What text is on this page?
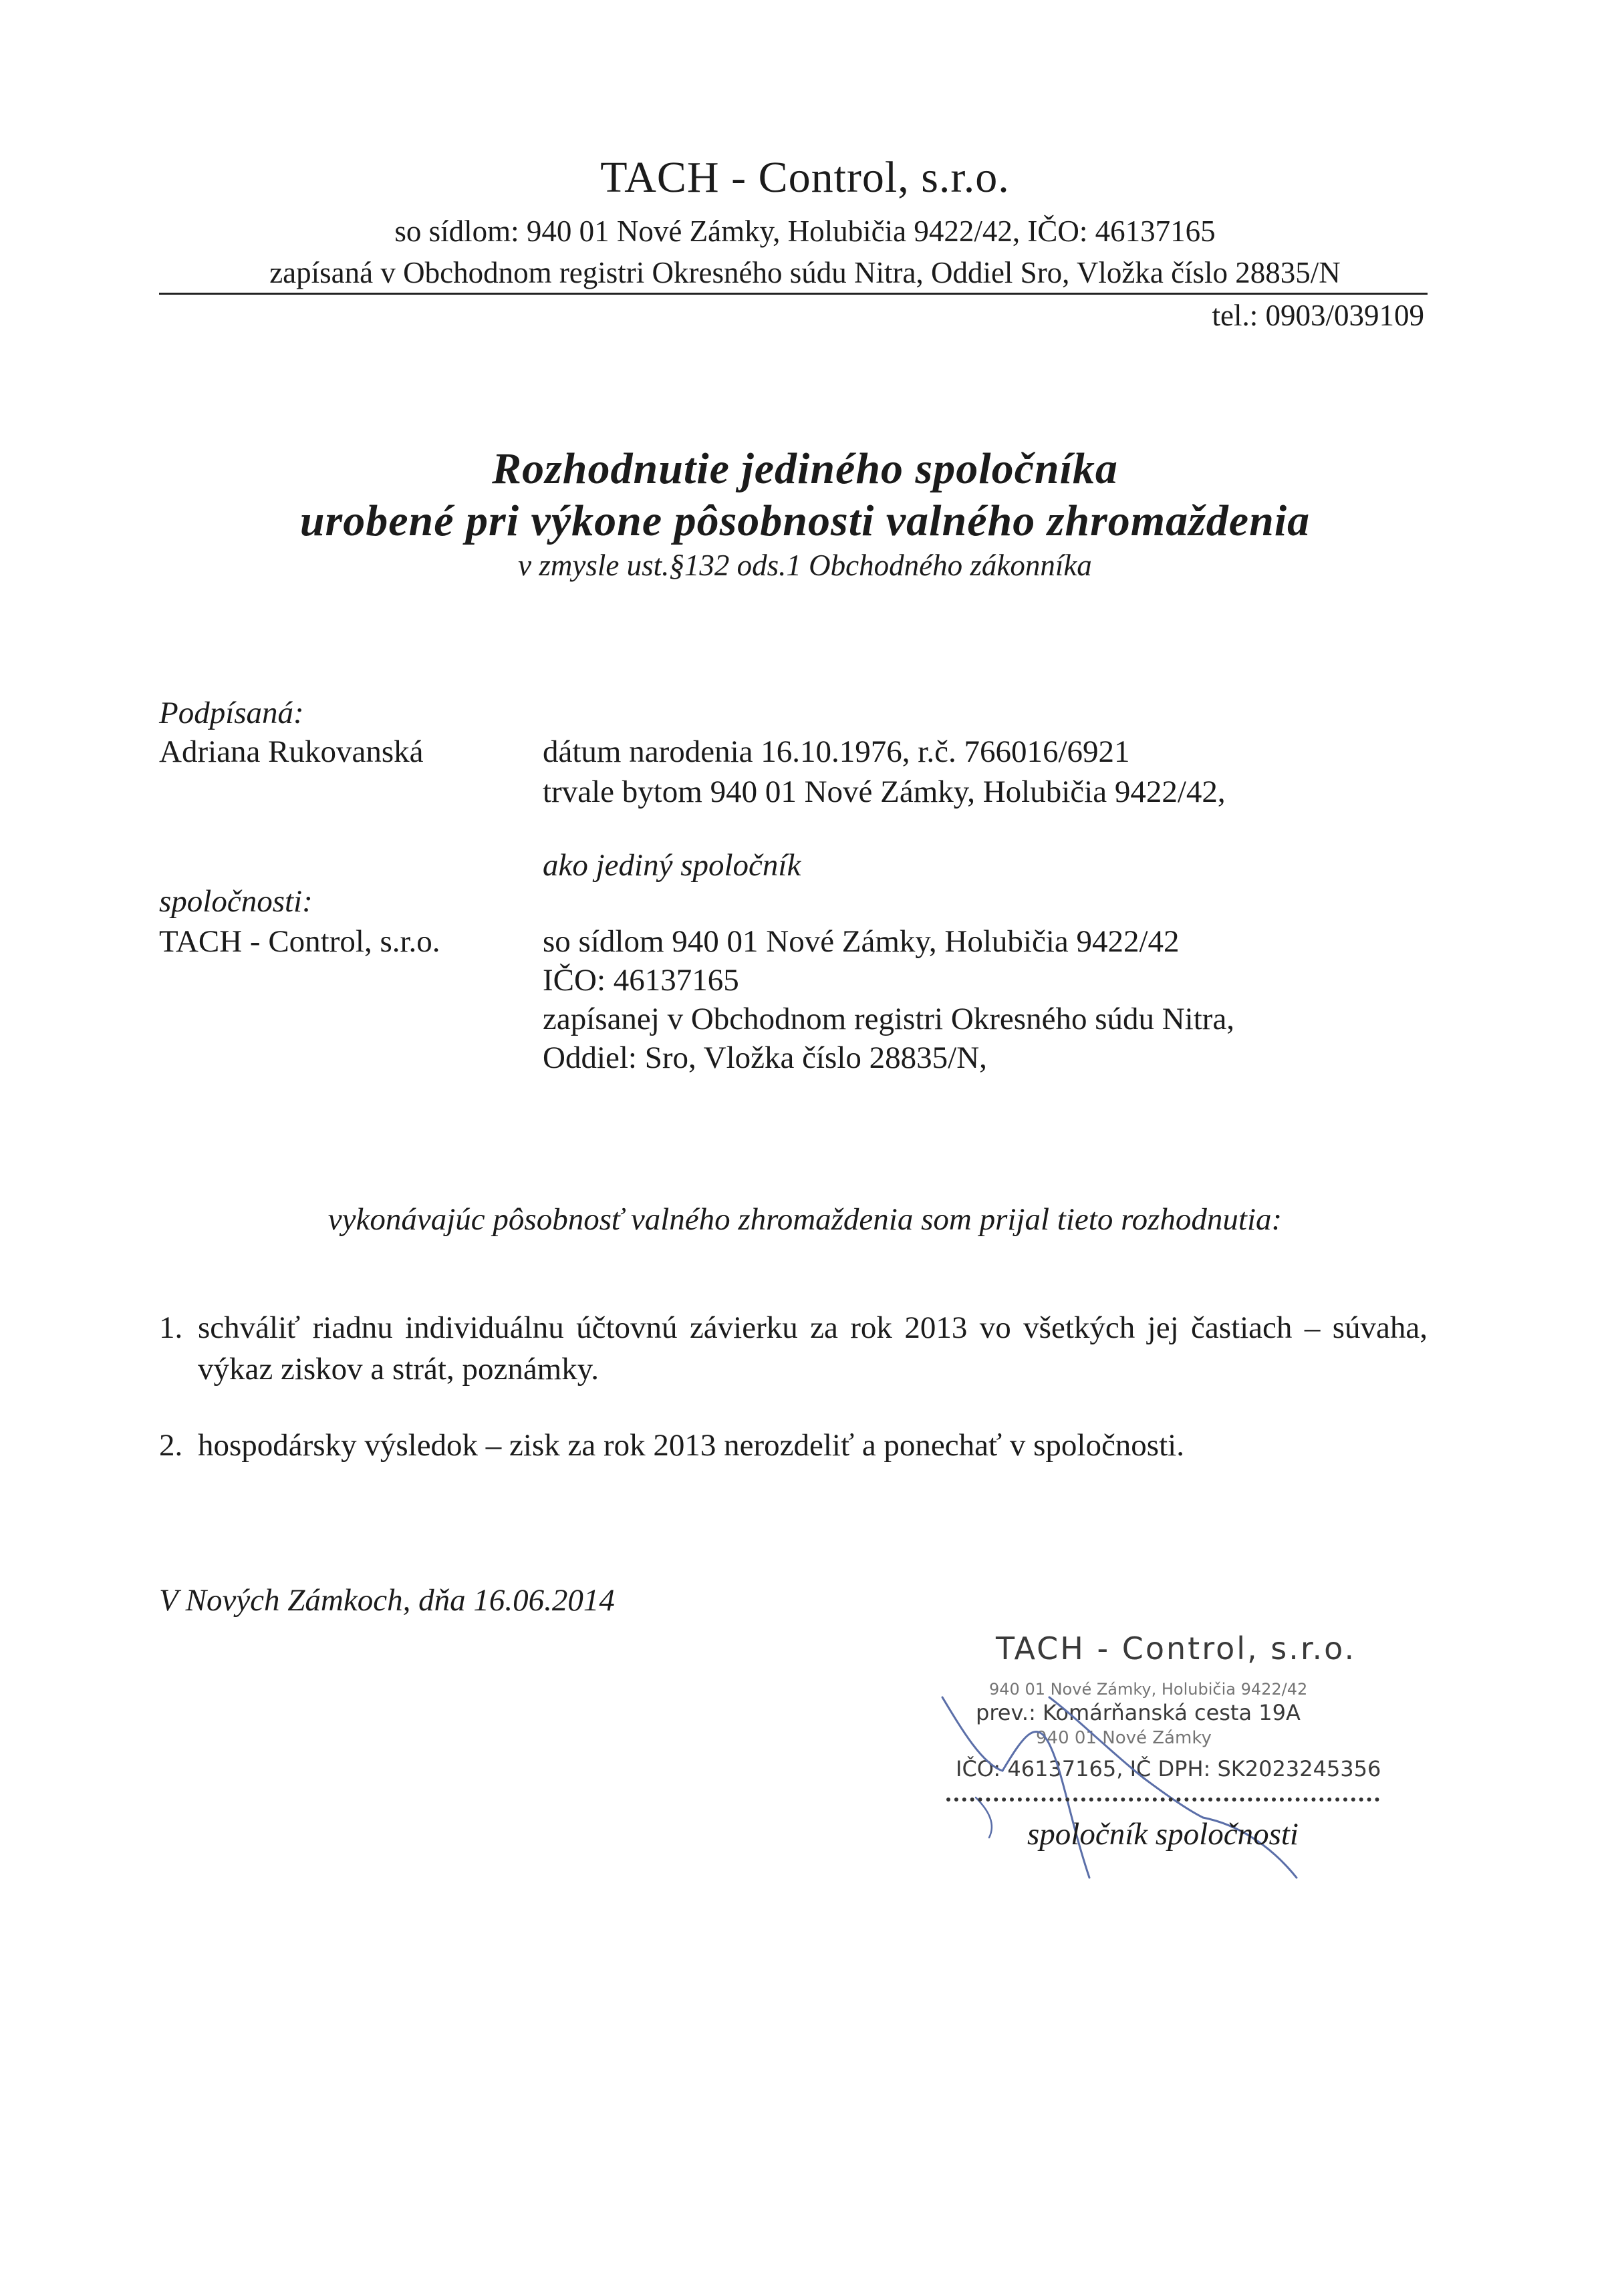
TACH - Control, s.r.o.
so sídlom: 940 01 Nové Zámky, Holubičia 9422/42, IČO: 46137165
zapísaná v Obchodnom registri Okresného súdu Nitra, Oddiel Sro, Vložka číslo 28835/N
tel.: 0903/039109
Rozhodnutie jediného spoločníka
urobené pri výkone pôsobnosti valného zhromaždenia
v zmysle ust.§132 ods.1 Obchodného zákonníka
Podpísaná:
Adriana Rukovanská	dátum narodenia 16.10.1976, r.č. 766016/6921
trvale bytom 940 01 Nové Zámky, Holubičia 9422/42,
ako jediný spoločník
spoločnosti:
TACH - Control, s.r.o.	so sídlom 940 01 Nové Zámky, Holubičia 9422/42
IČO: 46137165
zapísanej v Obchodnom registri Okresného súdu Nitra,
Oddiel: Sro, Vložka číslo 28835/N,
vykonávajúc pôsobnosť valného zhromaždenia som prijal tieto rozhodnutia:
1. schváliť riadnu individuálnu účtovnú závierku za rok 2013 vo všetkých jej častiach – súvaha, výkaz ziskov a strát, poznámky.
2. hospodársky výsledok – zisk za rok 2013 nerozdeliť a ponechať v spoločnosti.
V Nových Zámkoch, dňa 16.06.2014
TACH - Control, s.r.o.
940 01 Nové Zámky, Holubičia 9422/42
prev.: Komárňanská cesta 19A
940 01 Nové Zámky
IČO: 46137165, IČ DPH: SK2023245356
spoločník spoločnosti
